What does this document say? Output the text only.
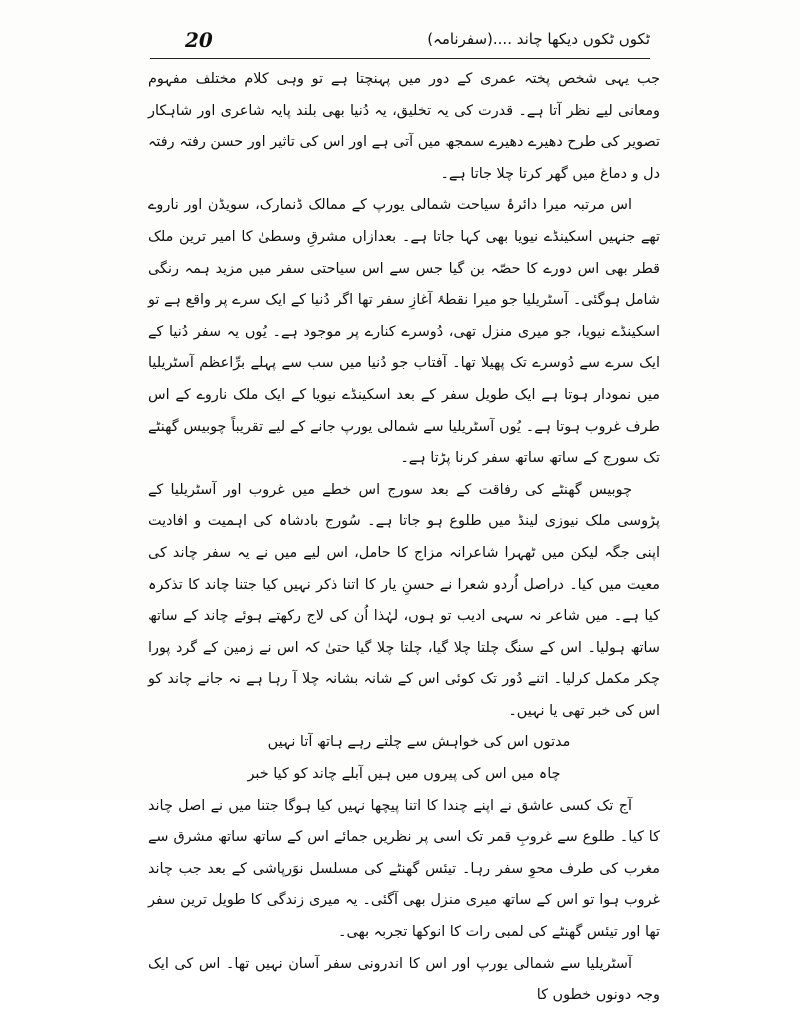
20	ٹکوں ٹکوں دیکھا چاند ....(سفرنامہ)

جب یہی شخص پختہ عمری کے دور میں پہنچتا ہے تو وہی کلام مختلف مفہوم ومعانی لیے نظر آتا ہے۔ قدرت کی یہ تخلیق، یہ دُنیا بھی بلند پایہ شاعری اور شاہکار تصویر کی طرح دھیرے دھیرے سمجھ میں آتی ہے اور اس کی تاثیر اور حسن رفتہ رفتہ دل و دماغ میں گھر کرتا چلا جاتا ہے۔

اس مرتبہ میرا دائرۂ سیاحت شمالی یورپ کے ممالک ڈنمارک، سویڈن اور ناروے تھے جنہیں اسکینڈے نیویا بھی کہا جاتا ہے۔ بعدازاں مشرقِ وسطیٰ کا امیر ترین ملک قطر بھی اس دورے کا حصّہ بن گیا جس سے اس سیاحتی سفر میں مزید ہمہ رنگی شامل ہوگئی۔ آسٹریلیا جو میرا نقطۂ آغازِ سفر تھا اگر دُنیا کے ایک سرے پر واقع ہے تو اسکینڈے نیویا، جو میری منزل تھی، دُوسرے کنارے پر موجود ہے۔ یُوں یہ سفر دُنیا کے ایک سرے سے دُوسرے تک پھیلا تھا۔ آفتاب جو دُنیا میں سب سے پہلے برِّاعظم آسٹریلیا میں نمودار ہوتا ہے ایک طویل سفر کے بعد اسکینڈے نیویا کے ایک ملک ناروے کے اس طرف غروب ہوتا ہے۔ یُوں آسٹریلیا سے شمالی یورپ جانے کے لیے تقریباً چوبیس گھنٹے تک سورج کے ساتھ ساتھ سفر کرنا پڑتا ہے۔

چوبیس گھنٹے کی رفاقت کے بعد سورج اس خطے میں غروب اور آسٹریلیا کے پڑوسی ملک نیوزی لینڈ میں طلوع ہو جاتا ہے۔ سُورج بادشاہ کی اہمیت و افادیت اپنی جگہ لیکن میں ٹھہرا شاعرانہ مزاج کا حامل، اس لیے میں نے یہ سفر چاند کی معیت میں کیا۔ دراصل اُردو شعرا نے حسنِ یار کا اتنا ذکر نہیں کیا جتنا چاند کا تذکرہ کیا ہے۔ میں شاعر نہ سہی ادیب تو ہوں، لہٰذا اُن کی لاج رکھتے ہوئے چاند کے ساتھ ساتھ ہولیا۔ اس کے سنگ چلتا چلا گیا، چلتا چلا گیا حتیٰ کہ اس نے زمین کے گرد پورا چکر مکمل کرلیا۔ اتنے دُور تک کوئی اس کے شانہ بشانہ چلا آ رہا ہے نہ جانے چاند کو اس کی خبر تھی یا نہیں۔

مدتوں اس کی خواہش سے چلتے رہے ہاتھ آتا نہیں

چاہ میں اس کی پیروں میں ہیں آبلے چاند کو کیا خبر

آج تک کسی عاشق نے اپنے چندا کا اتنا پیچھا نہیں کیا ہوگا جتنا میں نے اصل چاند کا کیا۔ طلوع سے غروبِ قمر تک اسی پر نظریں جمائے اس کے ساتھ ساتھ مشرق سے مغرب کی طرف محوِ سفر رہا۔ تیئس گھنٹے کی مسلسل نوَرپاشی کے بعد جب چاند غروب ہوا تو اس کے ساتھ میری منزل بھی آگئی۔ یہ میری زندگی کا طویل ترین سفر تھا اور تیئس گھنٹے کی لمبی رات کا انوکھا تجربہ بھی۔

آسٹریلیا سے شمالی یورپ اور اس کا اندرونی سفر آسان نہیں تھا۔ اس کی ایک وجہ دونوں خطوں کا
